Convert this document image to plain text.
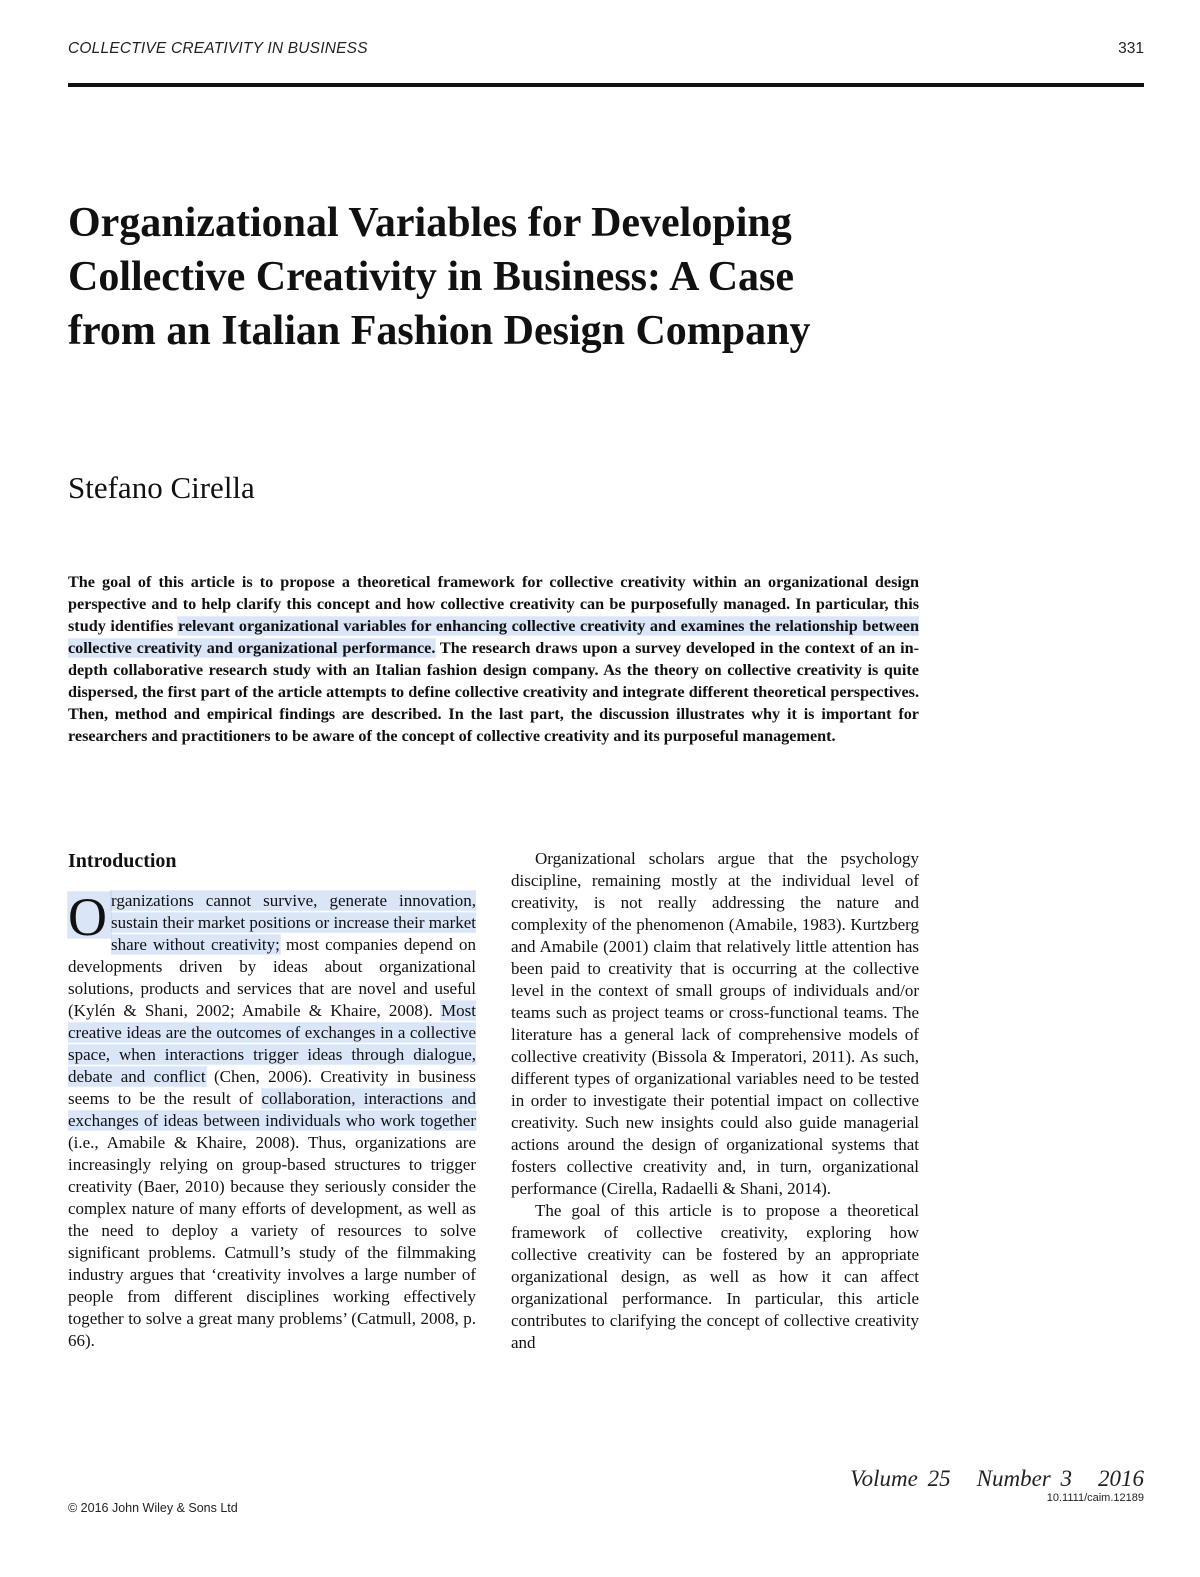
COLLECTIVE CREATIVITY IN BUSINESS	331
Organizational Variables for Developing Collective Creativity in Business: A Case from an Italian Fashion Design Company
Stefano Cirella

The goal of this article is to propose a theoretical framework for collective creativity within an organizational design perspective and to help clarify this concept and how collective creativity can be purposefully managed. In particular, this study identifies relevant organizational variables for enhancing collective creativity and examines the relationship between collective creativity and organizational performance. The research draws upon a survey developed in the context of an in-depth collaborative research study with an Italian fashion design company. As the theory on collective creativity is quite dispersed, the first part of the article attempts to define collective creativity and integrate different theoretical perspectives. Then, method and empirical findings are described. In the last part, the discussion illustrates why it is important for researchers and practitioners to be aware of the concept of collective creativity and its purposeful management.

Introduction

O rganizations cannot survive, generate innovation, sustain their market positions or increase their market share without creativity; most companies depend on developments driven by ideas about organizational solutions, products and services that are novel and useful (Kylén & Shani, 2002; Amabile & Khaire, 2008). Most creative ideas are the outcomes of exchanges in a collective space, when interactions trigger ideas through dialogue, debate and conflict (Chen, 2006). Creativity in business seems to be the result of collaboration, interactions and exchanges of ideas between individuals who work together (i.e., Amabile & Khaire, 2008). Thus, organizations are increasingly relying on group-based structures to trigger creativity (Baer, 2010) because they seriously consider the complex nature of many efforts of development, as well as the need to deploy a variety of resources to solve significant problems. Catmull’s study of the filmmaking industry argues that ‘creativity involves a large number of people from different disciplines working effectively together to solve a great many problems’ (Catmull, 2008, p. 66).

Organizational scholars argue that the psychology discipline, remaining mostly at the individual level of creativity, is not really addressing the nature and complexity of the phenomenon (Amabile, 1983). Kurtzberg and Amabile (2001) claim that relatively little attention has been paid to creativity that is occurring at the collective level in the context of small groups of individuals and/or teams such as project teams or cross-functional teams. The literature has a general lack of comprehensive models of collective creativity (Bissola & Imperatori, 2011). As such, different types of organizational variables need to be tested in order to investigate their potential impact on collective creativity. Such new insights could also guide managerial actions around the design of organizational systems that fosters collective creativity and, in turn, organizational performance (Cirella, Radaelli & Shani, 2014).

The goal of this article is to propose a theoretical framework of collective creativity, exploring how collective creativity can be fostered by an appropriate organizational design, as well as how it can affect organizational performance. In particular, this article contributes to clarifying the concept of collective creativity and

© 2016 John Wiley & Sons Ltd
Volume 25 Number 3 2016
10.1111/caim.12189
